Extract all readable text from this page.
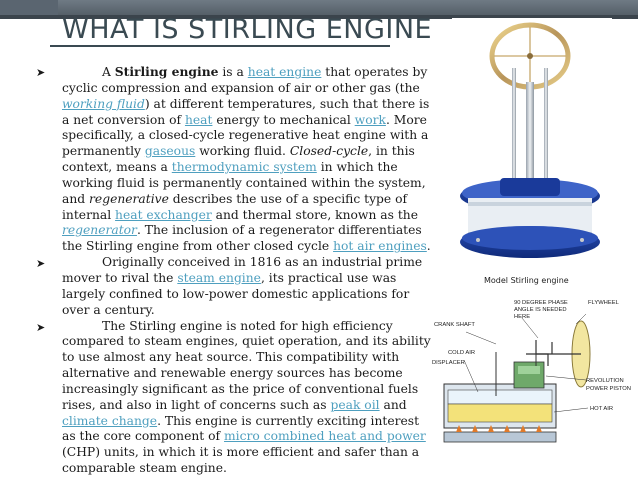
WHAT IS STIRLING ENGINE
➤	A Stirling engine is a heat engine that operates by cyclic compression and expansion of air or other gas (the working fluid) at different temperatures, such that there is a net conversion of heat energy to mechanical work. More specifically, a closed-cycle regenerative heat engine with a permanently gaseous working fluid. Closed-cycle, in this context, means a thermodynamic system in which the working fluid is permanently contained within the system, and regenerative describes the use of a specific type of internal heat exchanger and thermal store, known as the regenerator. The inclusion of a regenerator differentiates the Stirling engine from other closed cycle hot air engines.
➤	Originally conceived in 1816 as an industrial prime mover to rival the steam engine, its practical use was largely confined to low-power domestic applications for over a century.
➤	The Stirling engine is noted for high efficiency compared to steam engines, quiet operation, and its ability to use almost any heat source. This compatibility with alternative and renewable energy sources has become increasingly significant as the price of conventional fuels rises, and also in light of concerns such as peak oil and climate change. This engine is currently exciting interest as the core component of micro combined heat and power (CHP) units, in which it is more efficient and safer than a comparable steam engine.
Model Stirling engine
90 DEGREE PHASE
ANGLE IS NEEDED
HERE
FLYWHEEL
CRANK SHAFT
COLD AIR
DISPLACER
REVOLUTION
POWER PISTON
HOT AIR
